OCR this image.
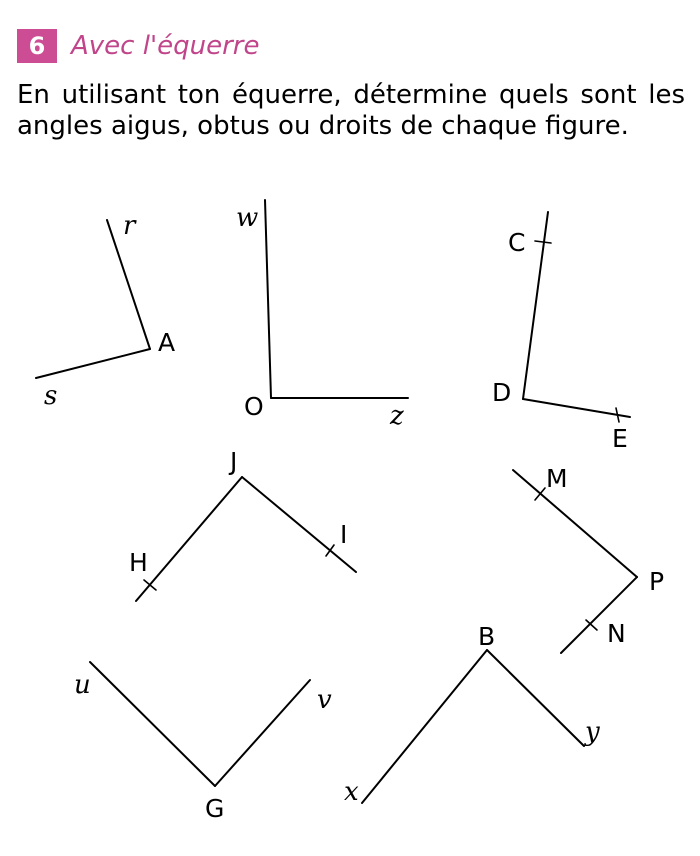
6 Avec l'équerre

En utilisant ton équerre, détermine quels sont les angles aigus, obtus ou droits de chaque figure.

r
A
s
w
O	z
C
D
E
J
H
I
M
P
N
u
G
v
B
x
y
